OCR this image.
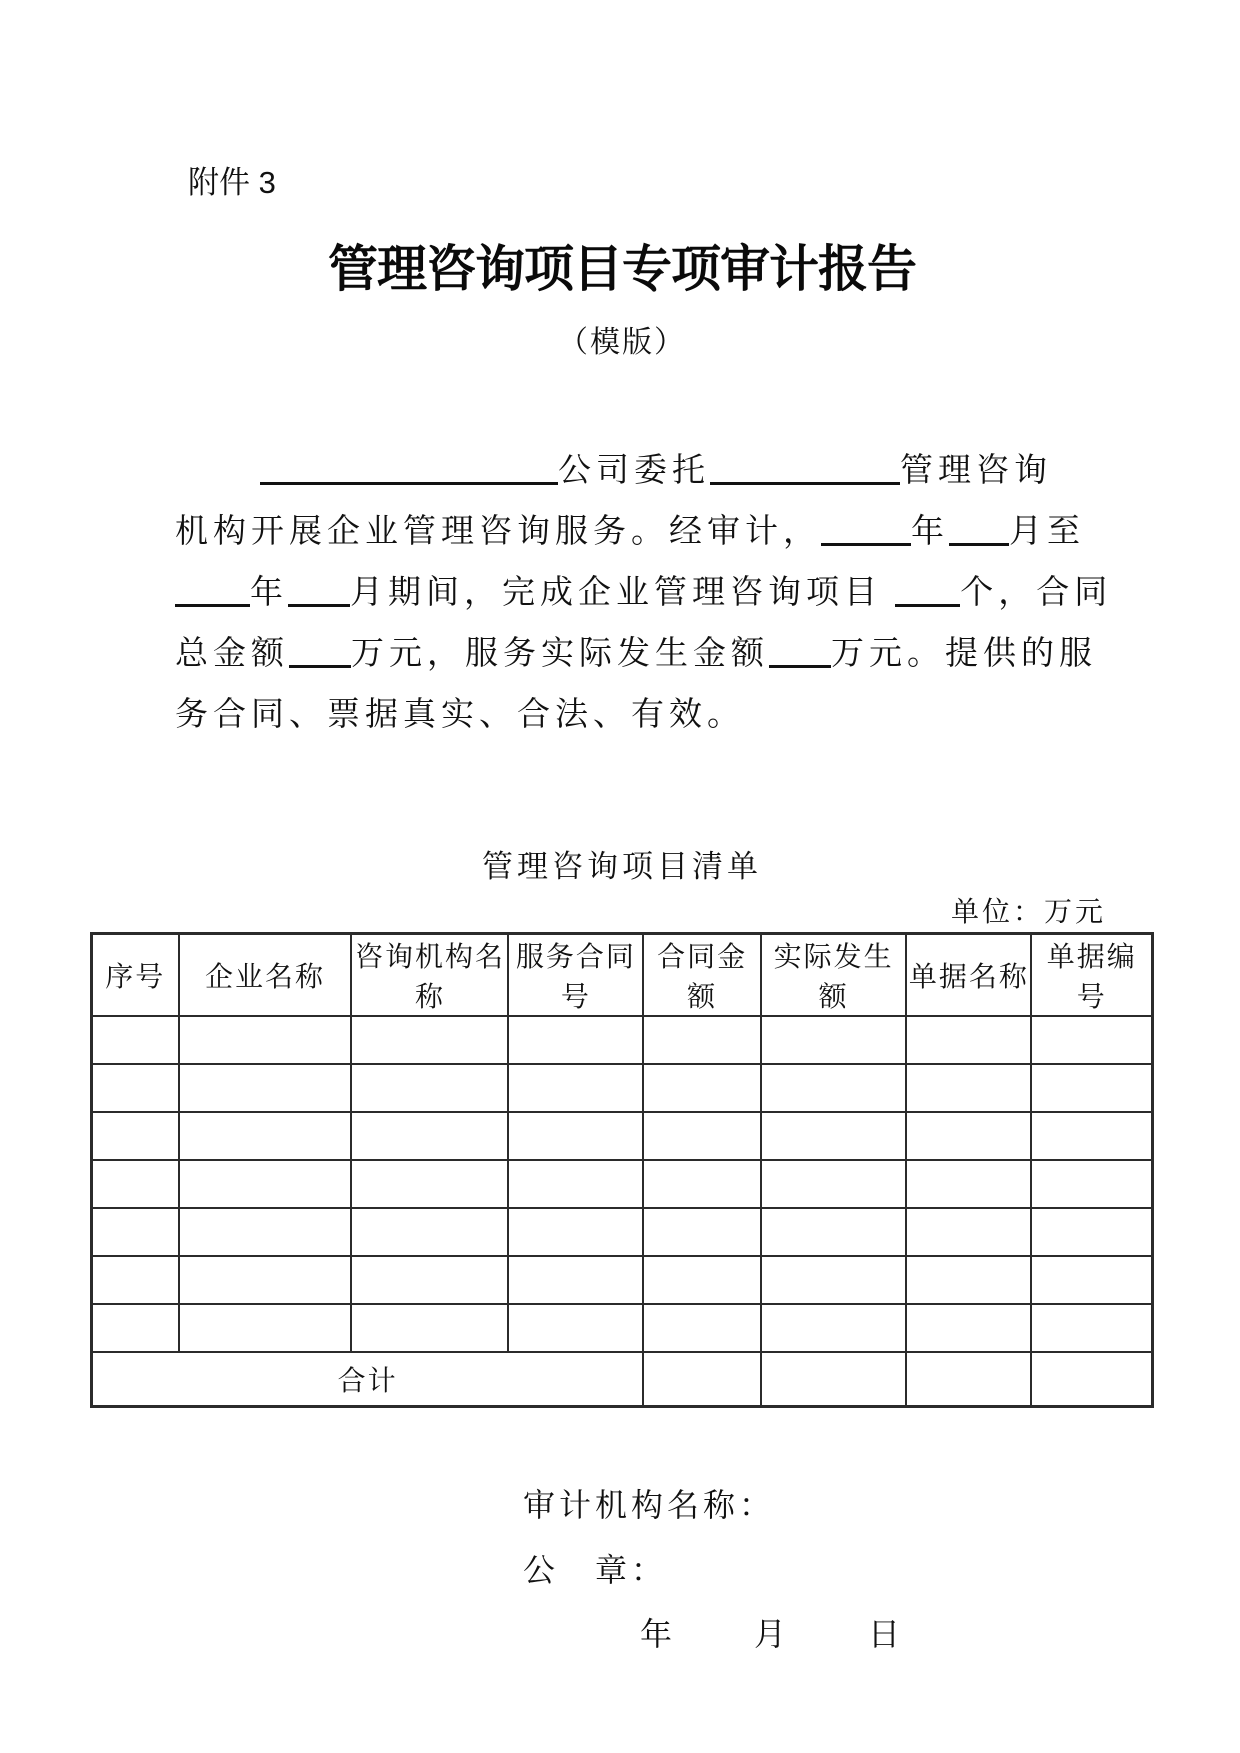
附件 3
管理咨询项目专项审计报告
（模版）
公司委托	管理咨询
机构开展企业管理咨询服务。经审计，	年 月至
年 月期间，完成企业管理咨询项目 个，合同
总金额 万元，服务实际发生金额 万元。提供的服
务合同、票据真实、合法、有效。
管理咨询项目清单
单位：万元
序号	企业名称	咨询机构名称	服务合同号	合同金额	实际发生额	单据名称	单据编号

合计							
审计机构名称：
公　章：
年　　月　　日
